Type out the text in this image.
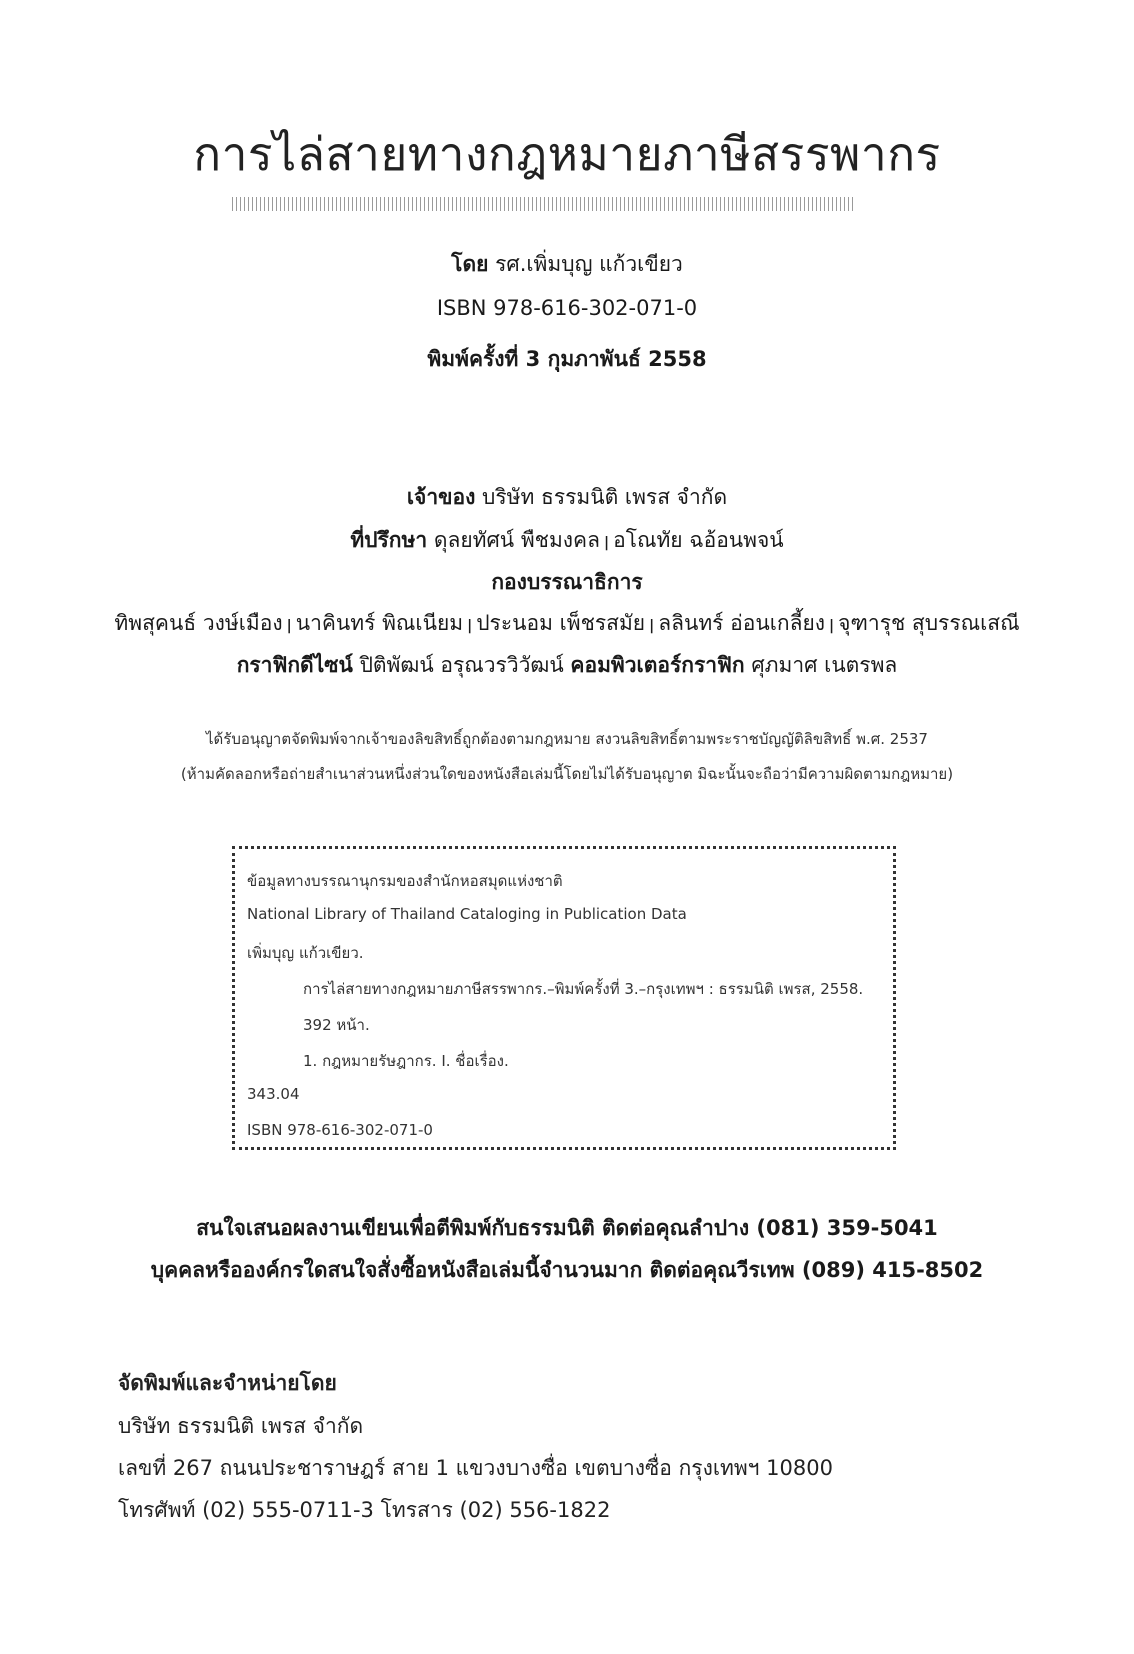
การไล่สายทางกฎหมายภาษีสรรพากร
โดย รศ.เพิ่มบุญ แก้วเขียว
ISBN 978-616-302-071-0
พิมพ์ครั้งที่ 3 กุมภาพันธ์ 2558
เจ้าของ บริษัท ธรรมนิติ เพรส จำกัด
ที่ปรึกษา ดุลยทัศน์ พืชมงคล | อโณทัย ฉอ้อนพจน์
กองบรรณาธิการ
ทิพสุคนธ์ วงษ์เมือง | นาคินทร์ พิณเนียม | ประนอม เพ็ชรสมัย | ลลินทร์ อ่อนเกลี้ยง | จุฑารุช สุบรรณเสณี
กราฟิกดีไซน์ ปิติพัฒน์ อรุณวรวิวัฒน์ คอมพิวเตอร์กราฟิก ศุภมาศ เนตรพล
ได้รับอนุญาตจัดพิมพ์จากเจ้าของลิขสิทธิ์ถูกต้องตามกฎหมาย สงวนลิขสิทธิ์ตามพระราชบัญญัติลิขสิทธิ์ พ.ศ. 2537
(ห้ามคัดลอกหรือถ่ายสำเนาส่วนหนึ่งส่วนใดของหนังสือเล่มนี้โดยไม่ได้รับอนุญาต มิฉะนั้นจะถือว่ามีความผิดตามกฎหมาย)
ข้อมูลทางบรรณานุกรมของสำนักหอสมุดแห่งชาติ
National Library of Thailand Cataloging in Publication Data
เพิ่มบุญ แก้วเขียว.
การไล่สายทางกฎหมายภาษีสรรพากร.–พิมพ์ครั้งที่ 3.–กรุงเทพฯ : ธรรมนิติ เพรส, 2558.
392 หน้า.
1. กฎหมายรัษฎากร. I. ชื่อเรื่อง.
343.04
ISBN 978-616-302-071-0
สนใจเสนอผลงานเขียนเพื่อตีพิมพ์กับธรรมนิติ ติดต่อคุณลำปาง (081) 359-5041
บุคคลหรือองค์กรใดสนใจสั่งซื้อหนังสือเล่มนี้จำนวนมาก ติดต่อคุณวีรเทพ (089) 415-8502
จัดพิมพ์และจำหน่ายโดย
บริษัท ธรรมนิติ เพรส จำกัด
เลขที่ 267 ถนนประชาราษฎร์ สาย 1 แขวงบางซื่อ เขตบางซื่อ กรุงเทพฯ 10800
โทรศัพท์ (02) 555-0711-3 โทรสาร (02) 556-1822
